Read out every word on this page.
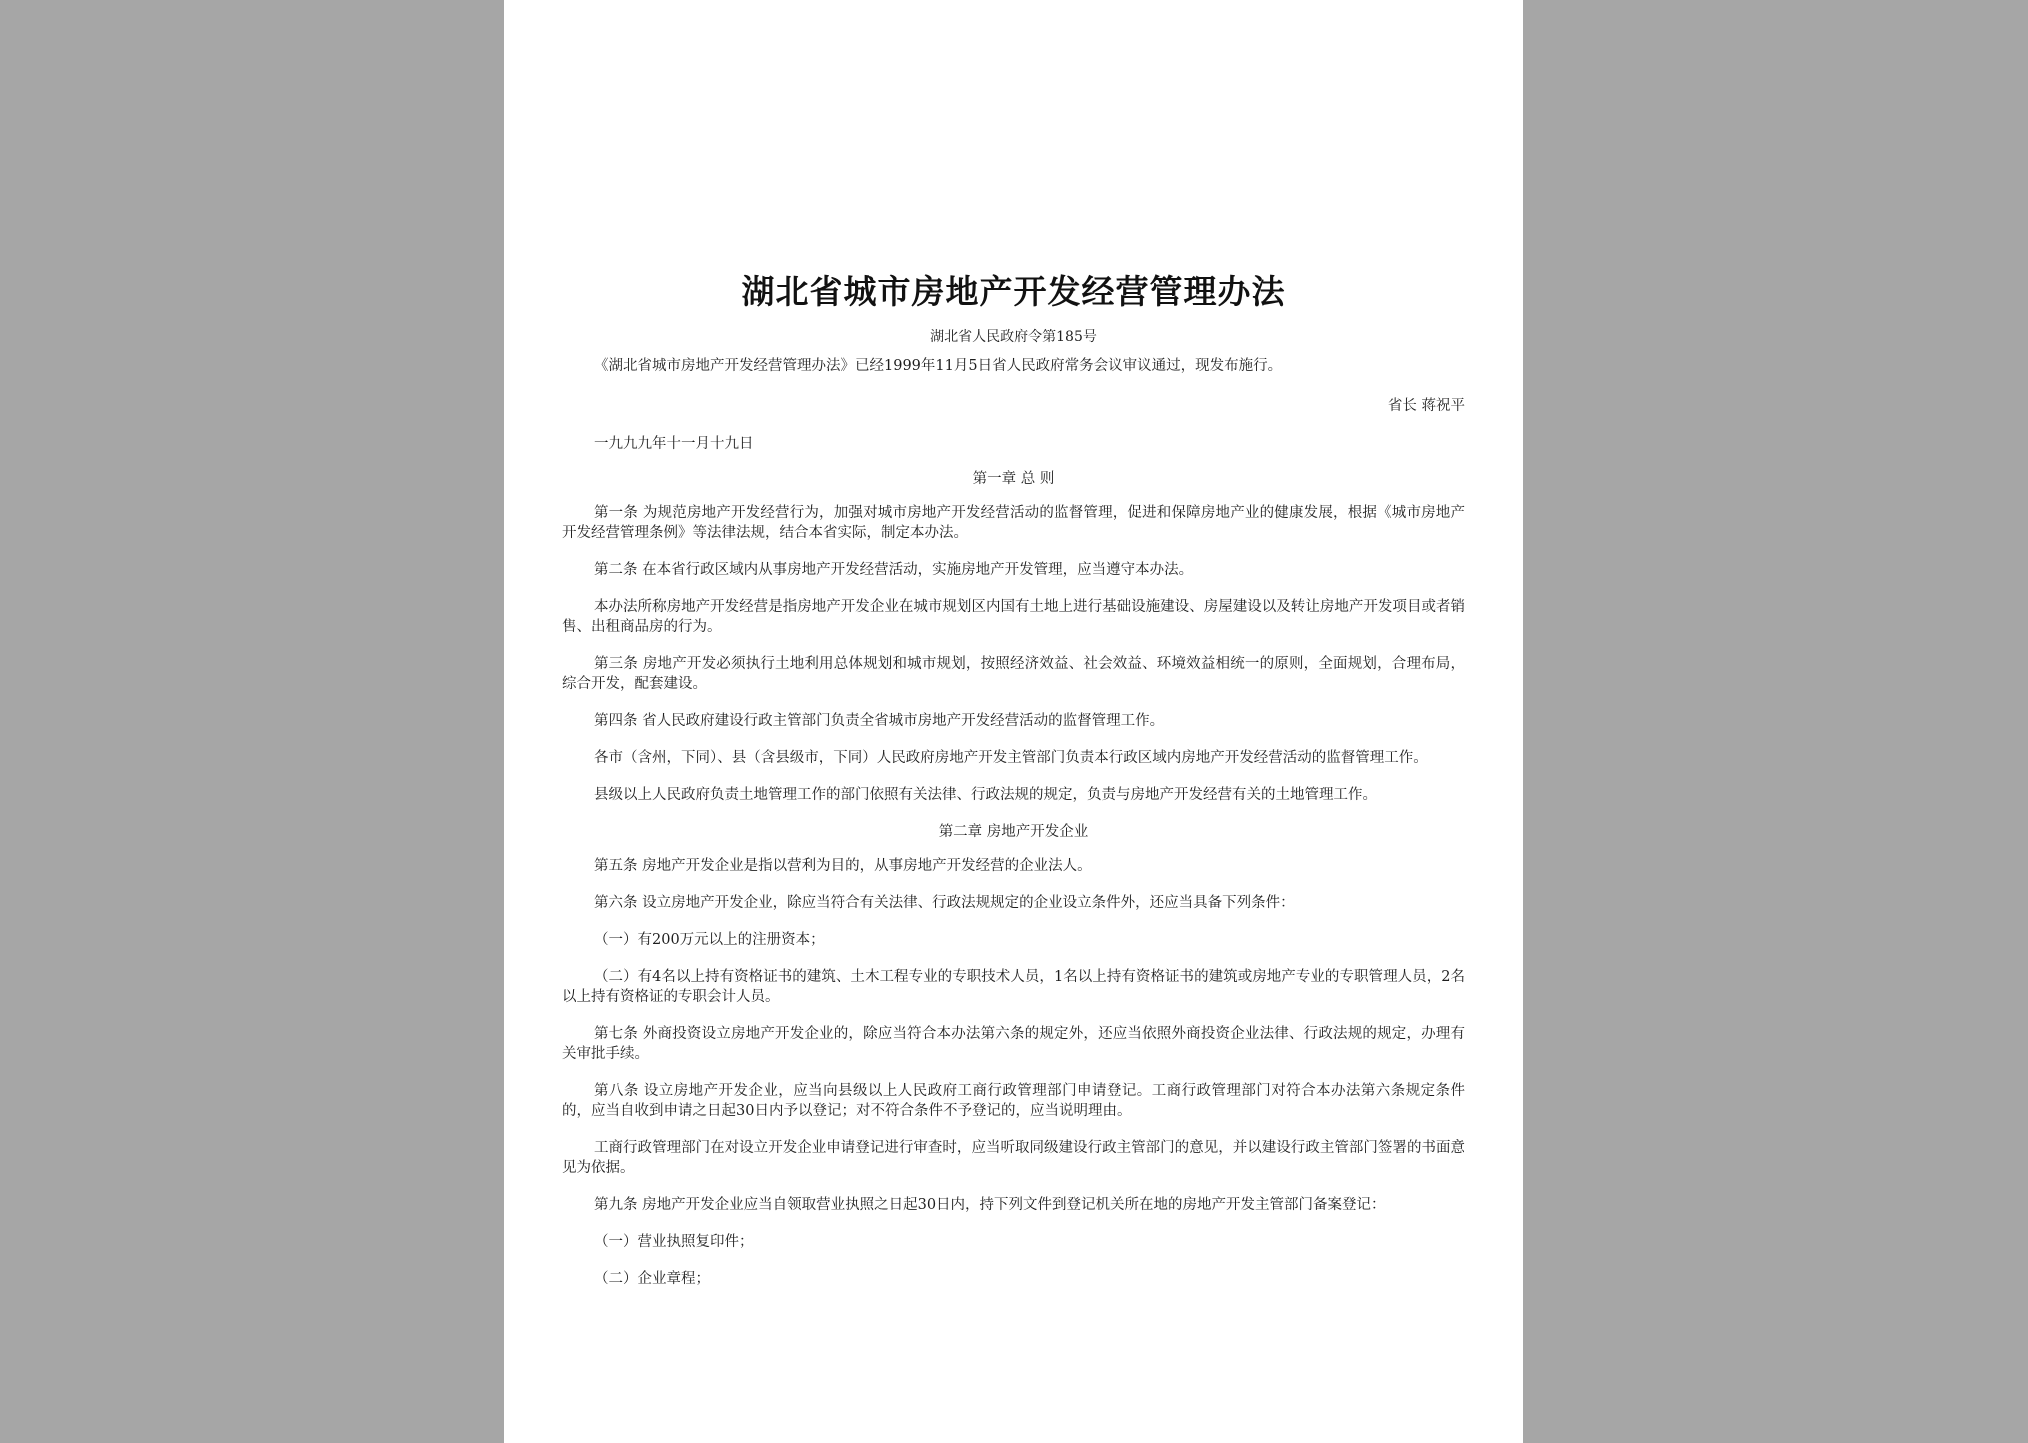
湖北省城市房地产开发经营管理办法
湖北省人民政府令第185号

《湖北省城市房地产开发经营管理办法》已经1999年11月5日省人民政府常务会议审议通过，现发布施行。

省长 蒋祝平

一九九九年十一月十九日

第一章 总 则

第一条 为规范房地产开发经营行为，加强对城市房地产开发经营活动的监督管理，促进和保障房地产业的健康发展，根据《城市房地产开发经营管理条例》等法律法规，结合本省实际，制定本办法。

第二条 在本省行政区域内从事房地产开发经营活动，实施房地产开发管理，应当遵守本办法。

本办法所称房地产开发经营是指房地产开发企业在城市规划区内国有土地上进行基础设施建设、房屋建设以及转让房地产开发项目或者销售、出租商品房的行为。

第三条 房地产开发必须执行土地利用总体规划和城市规划，按照经济效益、社会效益、环境效益相统一的原则，全面规划，合理布局，综合开发，配套建设。

第四条 省人民政府建设行政主管部门负责全省城市房地产开发经营活动的监督管理工作。

各市（含州，下同）、县（含县级市，下同）人民政府房地产开发主管部门负责本行政区域内房地产开发经营活动的监督管理工作。

县级以上人民政府负责土地管理工作的部门依照有关法律、行政法规的规定，负责与房地产开发经营有关的土地管理工作。

第二章 房地产开发企业

第五条 房地产开发企业是指以营利为目的，从事房地产开发经营的企业法人。

第六条 设立房地产开发企业，除应当符合有关法律、行政法规规定的企业设立条件外，还应当具备下列条件：

（一）有200万元以上的注册资本；

（二）有4名以上持有资格证书的建筑、土木工程专业的专职技术人员，1名以上持有资格证书的建筑或房地产专业的专职管理人员，2名以上持有资格证的专职会计人员。

第七条 外商投资设立房地产开发企业的，除应当符合本办法第六条的规定外，还应当依照外商投资企业法律、行政法规的规定，办理有关审批手续。

第八条 设立房地产开发企业，应当向县级以上人民政府工商行政管理部门申请登记。工商行政管理部门对符合本办法第六条规定条件的，应当自收到申请之日起30日内予以登记；对不符合条件不予登记的，应当说明理由。

工商行政管理部门在对设立开发企业申请登记进行审查时，应当听取同级建设行政主管部门的意见，并以建设行政主管部门签署的书面意见为依据。

第九条 房地产开发企业应当自领取营业执照之日起30日内，持下列文件到登记机关所在地的房地产开发主管部门备案登记：

（一）营业执照复印件；

（二）企业章程；
